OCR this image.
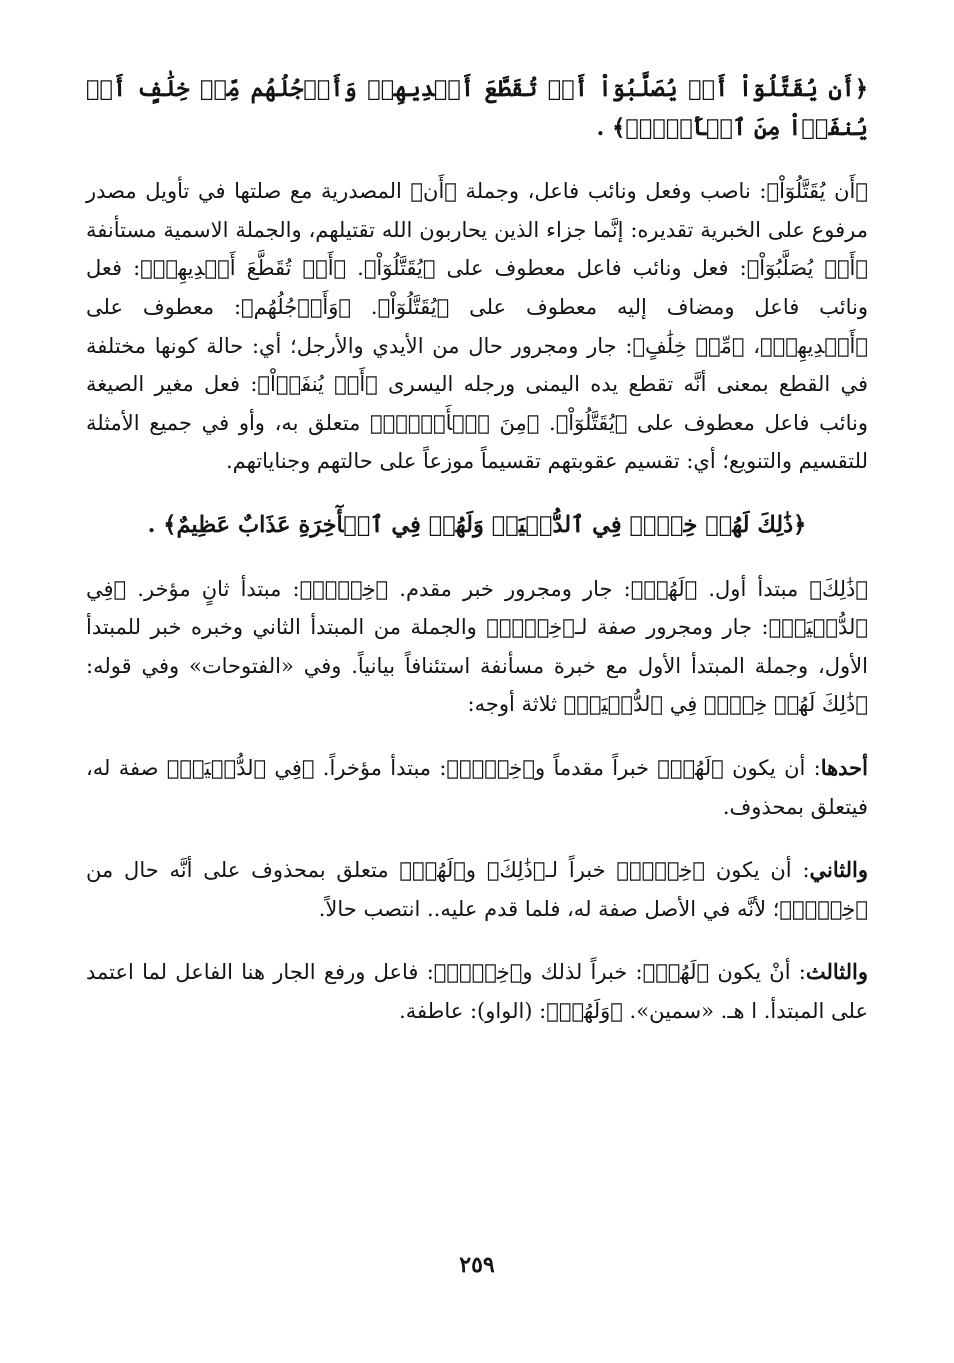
﴿أَن يُقَتَّلُوٓاْ أَوۡ يُصَلَّبُوٓاْ أَوۡ تُقَطَّعَ أَيۡدِيهِمۡ وَأَرۡجُلُهُم مِّنۡ خِلَٰفٍ أَوۡ يُنفَوۡاْ مِنَ ٱلۡأَرۡضِۚ﴾ .

﴿أَن يُقَتَّلُوٓاْ﴾: ناصب وفعل ونائب فاعل، وجملة ﴿أَن﴾ المصدرية مع صلتها في تأويل مصدر مرفوع على الخبرية تقديره: إنَّما جزاء الذين يحاربون الله تقتيلهم، والجملة الاسمية مستأنفة ﴿أَوۡ يُصَلَّبُوٓاْ﴾: فعل ونائب فاعل معطوف على ﴿يُقَتَّلُوٓاْ﴾. ﴿أَوۡ تُقَطَّعَ أَيۡدِيهِمۡ﴾: فعل ونائب فاعل ومضاف إليه معطوف على ﴿يُقَتَّلُوٓاْ﴾. ﴿وَأَرۡجُلُهُم﴾: معطوف على ﴿أَيۡدِيهِمۡ﴾، ﴿مِّنۡ خِلَٰفٍ﴾: جار ومجرور حال من الأيدي والأرجل؛ أي: حالة كونها مختلفة في القطع بمعنى أنَّه تقطع يده اليمنى ورجله اليسرى ﴿أَوۡ يُنفَوۡاْ﴾: فعل مغير الصيغة ونائب فاعل معطوف على ﴿يُقَتَّلُوٓاْ﴾. ﴿مِنَ ٱلۡأَرۡضِۚ﴾ متعلق به، وأو في جميع الأمثلة للتقسيم والتنويع؛ أي: تقسيم عقوبتهم تقسيماً موزعاً على حالتهم وجناياتهم.

﴿ذَٰلِكَ لَهُمۡ خِزۡيٞ فِي ٱلدُّنۡيَاۖ وَلَهُمۡ فِي ٱلۡأٓخِرَةِ عَذَابٌ عَظِيمٌ﴾ .

﴿ذَٰلِكَ﴾ مبتدأ أول. ﴿لَهُمۡ﴾: جار ومجرور خبر مقدم. ﴿خِزۡيٞ﴾: مبتدأ ثانٍ مؤخر. ﴿فِي ٱلدُّنۡيَاۖ﴾: جار ومجرور صفة لـ﴿خِزۡيٞ﴾ والجملة من المبتدأ الثاني وخبره خبر للمبتدأ الأول، وجملة المبتدأ الأول مع خبرة مسأنفة استئنافاً بيانياً. وفي «الفتوحات» وفي قوله: ﴿ذَٰلِكَ لَهُمۡ خِزۡيٞ فِي ٱلدُّنۡيَاۖ﴾ ثلاثة أوجه:

أحدها: أن يكون ﴿لَهُمۡ﴾ خبراً مقدماً و﴿خِزۡيٞ﴾: مبتدأ مؤخراً. ﴿فِي ٱلدُّنۡيَاۖ﴾ صفة له، فيتعلق بمحذوف.

والثاني: أن يكون ﴿خِزۡيٞ﴾ خبراً لـ﴿ذَٰلِكَ﴾ و﴿لَهُمۡ﴾ متعلق بمحذوف على أنَّه حال من ﴿خِزۡيٞ﴾؛ لأنَّه في الأصل صفة له، فلما قدم عليه.. انتصب حالاً.

والثالث: أنْ يكون ﴿لَهُمۡ﴾: خبراً لذلك و﴿خِزۡيٞ﴾: فاعل ورفع الجار هنا الفاعل لما اعتمد على المبتدأ. ا هـ. «سمين». ﴿وَلَهُمۡ﴾: (الواو): عاطفة.

٢٥٩
